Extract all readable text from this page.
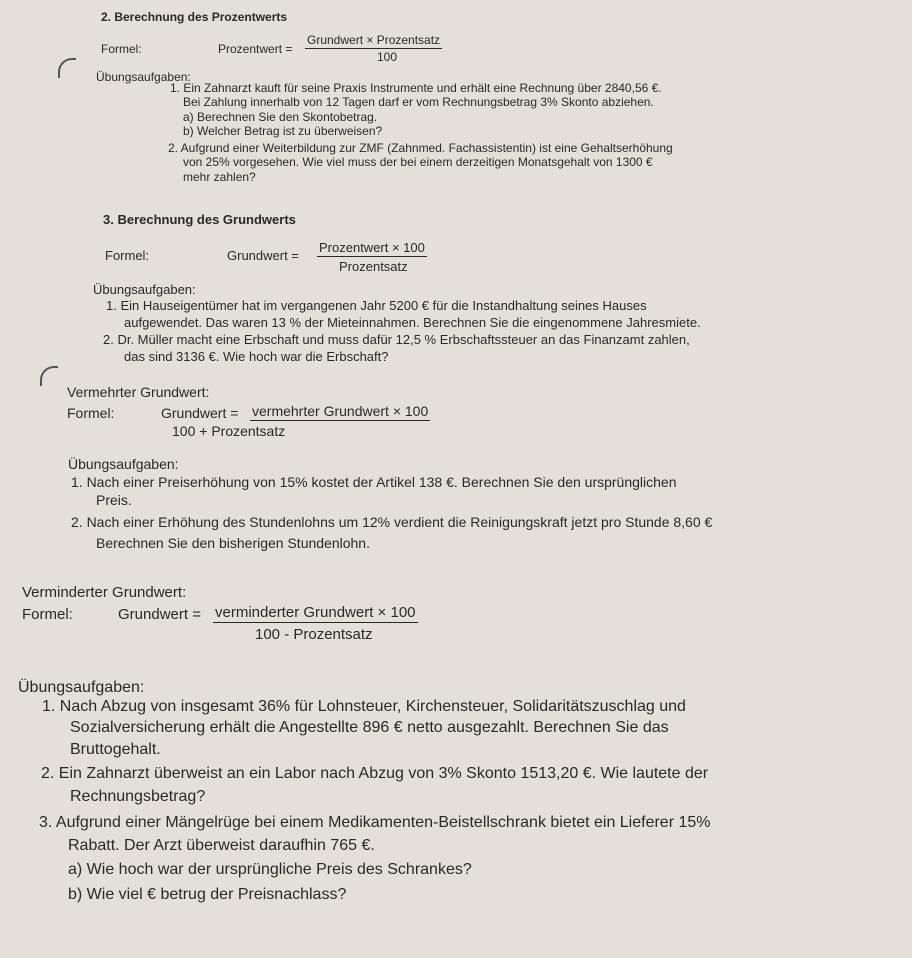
2. Berechnung des Prozentwerts
Formel:	Prozentwert =
Grundwert × Prozentsatz
100
Übungsaufgaben:
1. Ein Zahnarzt kauft für seine Praxis Instrumente und erhält eine Rechnung über 2840,56 €.
Bei Zahlung innerhalb von 12 Tagen darf er vom Rechnungsbetrag 3% Skonto abziehen.
a) Berechnen Sie den Skontobetrag.
b) Welcher Betrag ist zu überweisen?
2. Aufgrund einer Weiterbildung zur ZMF (Zahnmed. Fachassistentin) ist eine Gehaltserhöhung
von 25% vorgesehen. Wie viel muss der bei einem derzeitigen Monatsgehalt von 1300 €
mehr zahlen?
3. Berechnung des Grundwerts
Formel:	Grundwert =
Prozentwert × 100
Prozentsatz
Übungsaufgaben:
1. Ein Hauseigentümer hat im vergangenen Jahr 5200 € für die Instandhaltung seines Hauses
aufgewendet. Das waren 13 % der Mieteinnahmen. Berechnen Sie die eingenommene Jahresmiete.
2. Dr. Müller macht eine Erbschaft und muss dafür 12,5 % Erbschaftssteuer an das Finanzamt zahlen,
das sind 3136 €. Wie hoch war die Erbschaft?
Vermehrter Grundwert:
Formel:	Grundwert = vermehrter Grundwert × 100
100 + Prozentsatz
Übungsaufgaben:
1. Nach einer Preiserhöhung von 15% kostet der Artikel 138 €. Berechnen Sie den ursprünglichen
Preis.
2. Nach einer Erhöhung des Stundenlohns um 12% verdient die Reinigungskraft jetzt pro Stunde 8,60 €
Berechnen Sie den bisherigen Stundenlohn.
Verminderter Grundwert:
Formel:	Grundwert = verminderter Grundwert × 100
100 - Prozentsatz
Übungsaufgaben:
1. Nach Abzug von insgesamt 36% für Lohnsteuer, Kirchensteuer, Solidaritätszuschlag und
Sozialversicherung erhält die Angestellte 896 € netto ausgezahlt. Berechnen Sie das
Bruttogehalt.
2. Ein Zahnarzt überweist an ein Labor nach Abzug von 3% Skonto 1513,20 €. Wie lautete der
Rechnungsbetrag?
3. Aufgrund einer Mängelrüge bei einem Medikamenten-Beistellschrank bietet ein Lieferer 15%
Rabatt. Der Arzt überweist daraufhin 765 €.
a) Wie hoch war der ursprüngliche Preis des Schrankes?
b) Wie viel € betrug der Preisnachlass?
